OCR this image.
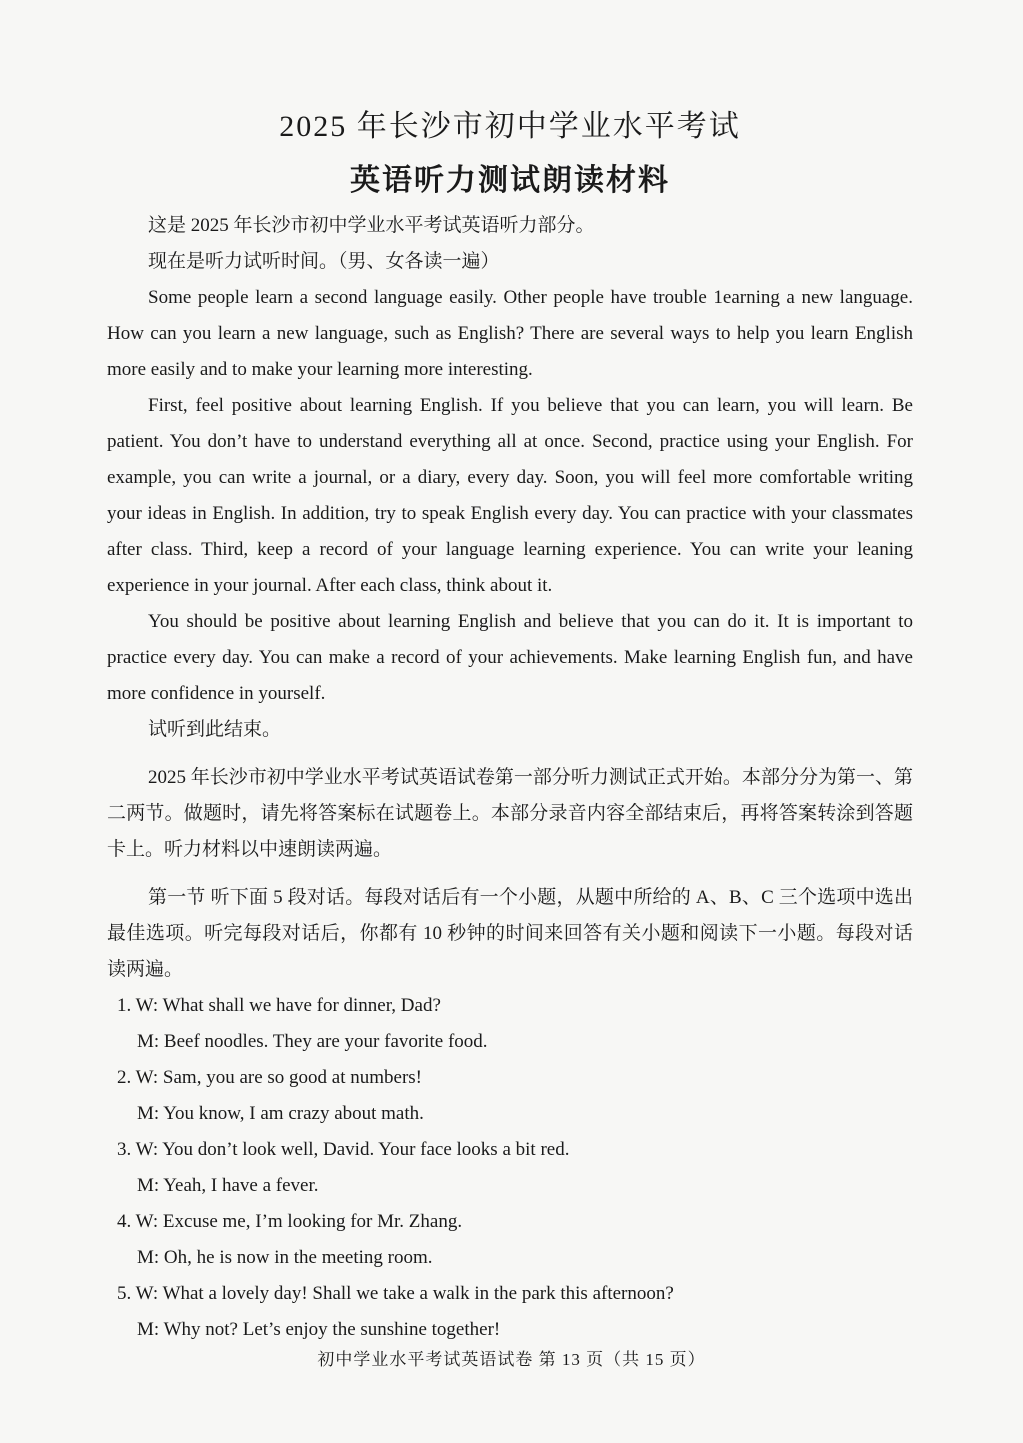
2025 年长沙市初中学业水平考试
英语听力测试朗读材料

这是 2025 年长沙市初中学业水平考试英语听力部分。

现在是听力试听时间。（男、女各读一遍）

Some people learn a second language easily. Other people have trouble 1earning a new language. How can you learn a new language, such as English? There are several ways to help you learn English more easily and to make your learning more interesting.

First, feel positive about learning English. If you believe that you can learn, you will learn. Be patient. You don’t have to understand everything all at once. Second, practice using your English. For example, you can write a journal, or a diary, every day. Soon, you will feel more comfortable writing your ideas in English. In addition, try to speak English every day. You can practice with your classmates after class. Third, keep a record of your language learning experience. You can write your leaning experience in your journal. After each class, think about it.

You should be positive about learning English and believe that you can do it. It is important to practice every day. You can make a record of your achievements. Make learning English fun, and have more confidence in yourself.

试听到此结束。

2025 年长沙市初中学业水平考试英语试卷第一部分听力测试正式开始。本部分分为第一、第二两节。做题时，请先将答案标在试题卷上。本部分录音内容全部结束后，再将答案转涂到答题卡上。听力材料以中速朗读两遍。

第一节 听下面 5 段对话。每段对话后有一个小题，从题中所给的 A、B、C 三个选项中选出最佳选项。听完每段对话后，你都有 10 秒钟的时间来回答有关小题和阅读下一小题。每段对话读两遍。

1. W: What shall we have for dinner, Dad?
M: Beef noodles. They are your favorite food.
2. W: Sam, you are so good at numbers!
M: You know, I am crazy about math.
3. W: You don’t look well, David. Your face looks a bit red.
M: Yeah, I have a fever.
4. W: Excuse me, I’m looking for Mr. Zhang.
M: Oh, he is now in the meeting room.
5. W: What a lovely day! Shall we take a walk in the park this afternoon?
M: Why not? Let’s enjoy the sunshine together!
初中学业水平考试英语试卷 第 13 页（共 15 页）
